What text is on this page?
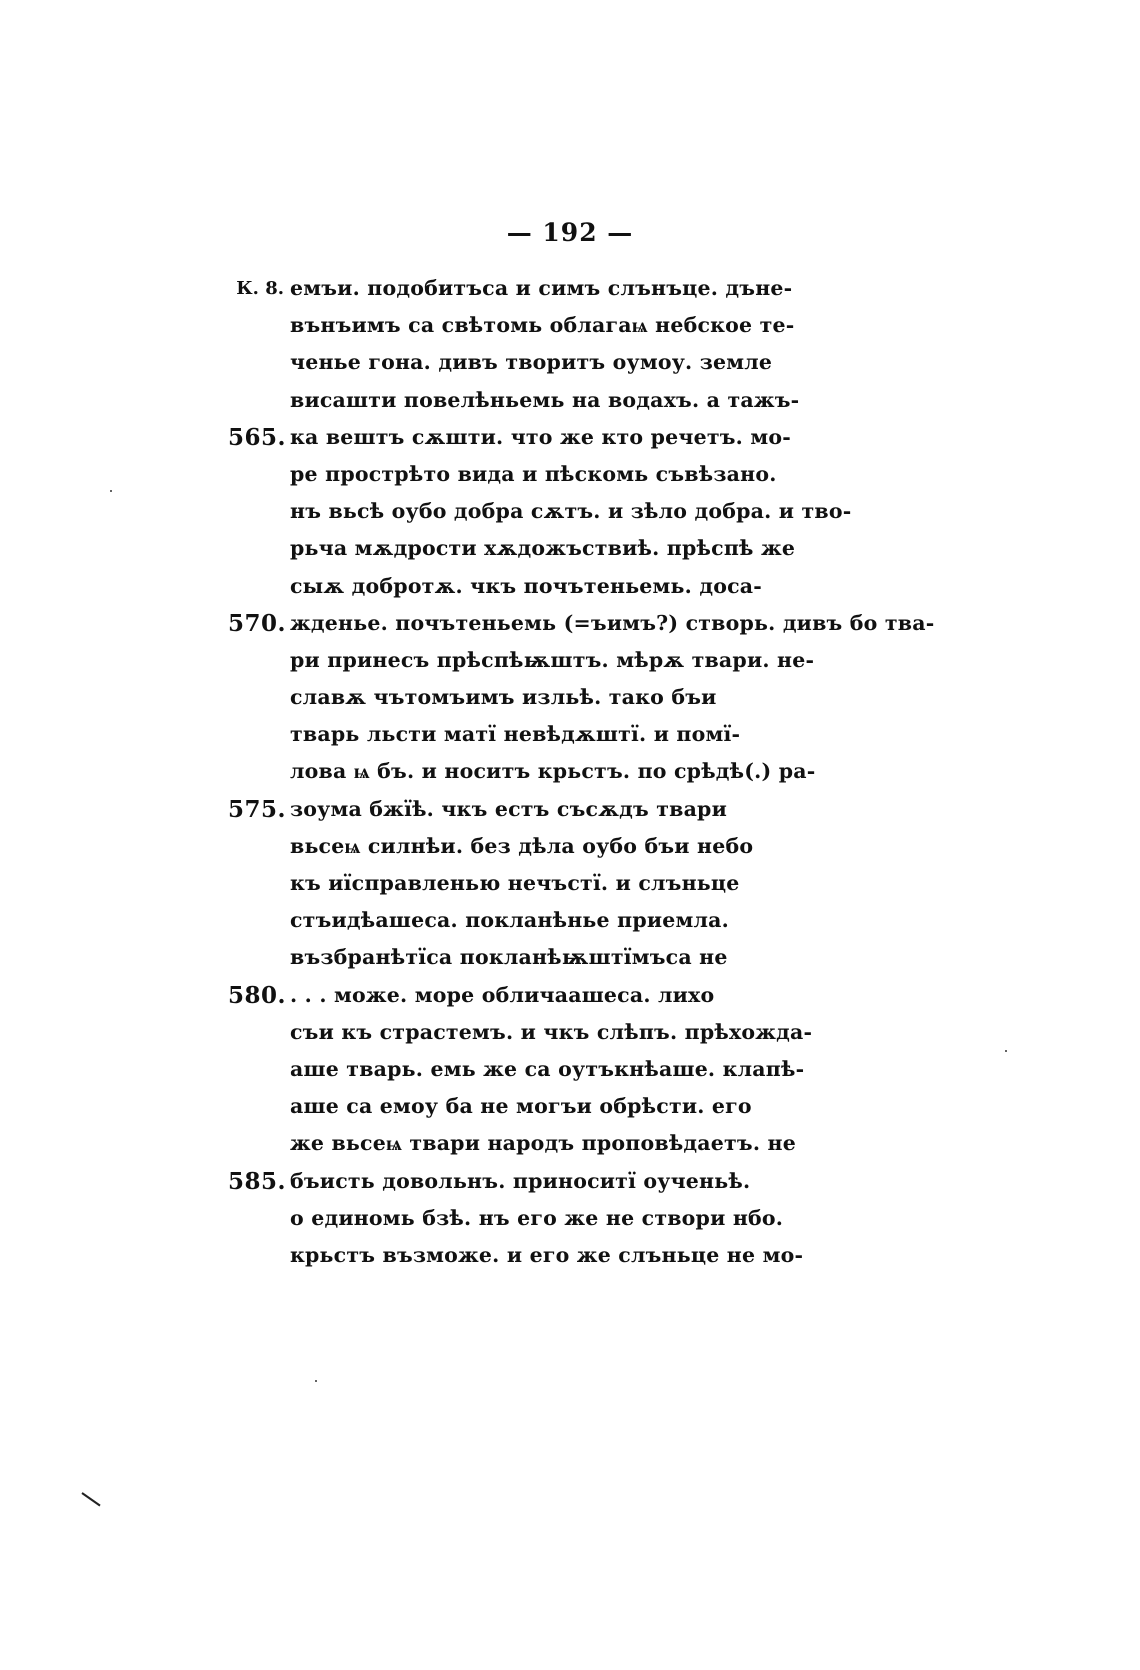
— 192 —
К. 8. емъи. подобитъса и симъ слънъце. дъне-
вънъимъ са свѣтомь облагаѩ небское те-
ченье гона. дивъ творитъ оумоу. земле
висашти повелѣньемь на водахъ. а тажъ-
565. ка вештъ сѫшти. что же кто речетъ. мо-
ре прострѣто вида и пѣскомь съвѣзано.
нъ вьсѣ оубо добра сѫтъ. и зѣло добра. и тво-
рьча мѫдрости хѫдожъствиѣ. прѣспѣ же
сыѫ добротѫ. чкъ почътеньемь. доса-
570. жденье. почътеньемь (=ъимъ?) створь. дивъ бо тва-
ри принесъ прѣспѣѭштъ. мѣрѫ твари. не-
славѫ чътомъимъ изльѣ. тако бъи
тварь льсти матї невѣдѫштї. и помї-
лова ѩ бъ. и носитъ крьстъ. по срѣдѣ(.) ра-
575. зоума бжїѣ. чкъ естъ съсѫдъ твари
вьсеѩ силнѣи. без дѣла оубо бъи небо
къ иїсправленью нечъстї. и слъньце
стъидѣашеса. покланѣнье приемла.
възбранѣтїса покланѣѭштїмъса не
580. . . . може. море обличаашеса. лихо
съи къ страстемъ. и чкъ слѣпъ. прѣхожда-
аше тварь. емь же са оутъкнѣаше. клапѣ-
аше са емоу ба не могъи обрѣсти. его
же вьсеѩ твари народъ проповѣдаетъ. не
585. бъисть довольнъ. приноситї оученьѣ.
о единомь бзѣ. нъ его же не створи нбо.
крьстъ възможе. и его же слъньце не мо-
